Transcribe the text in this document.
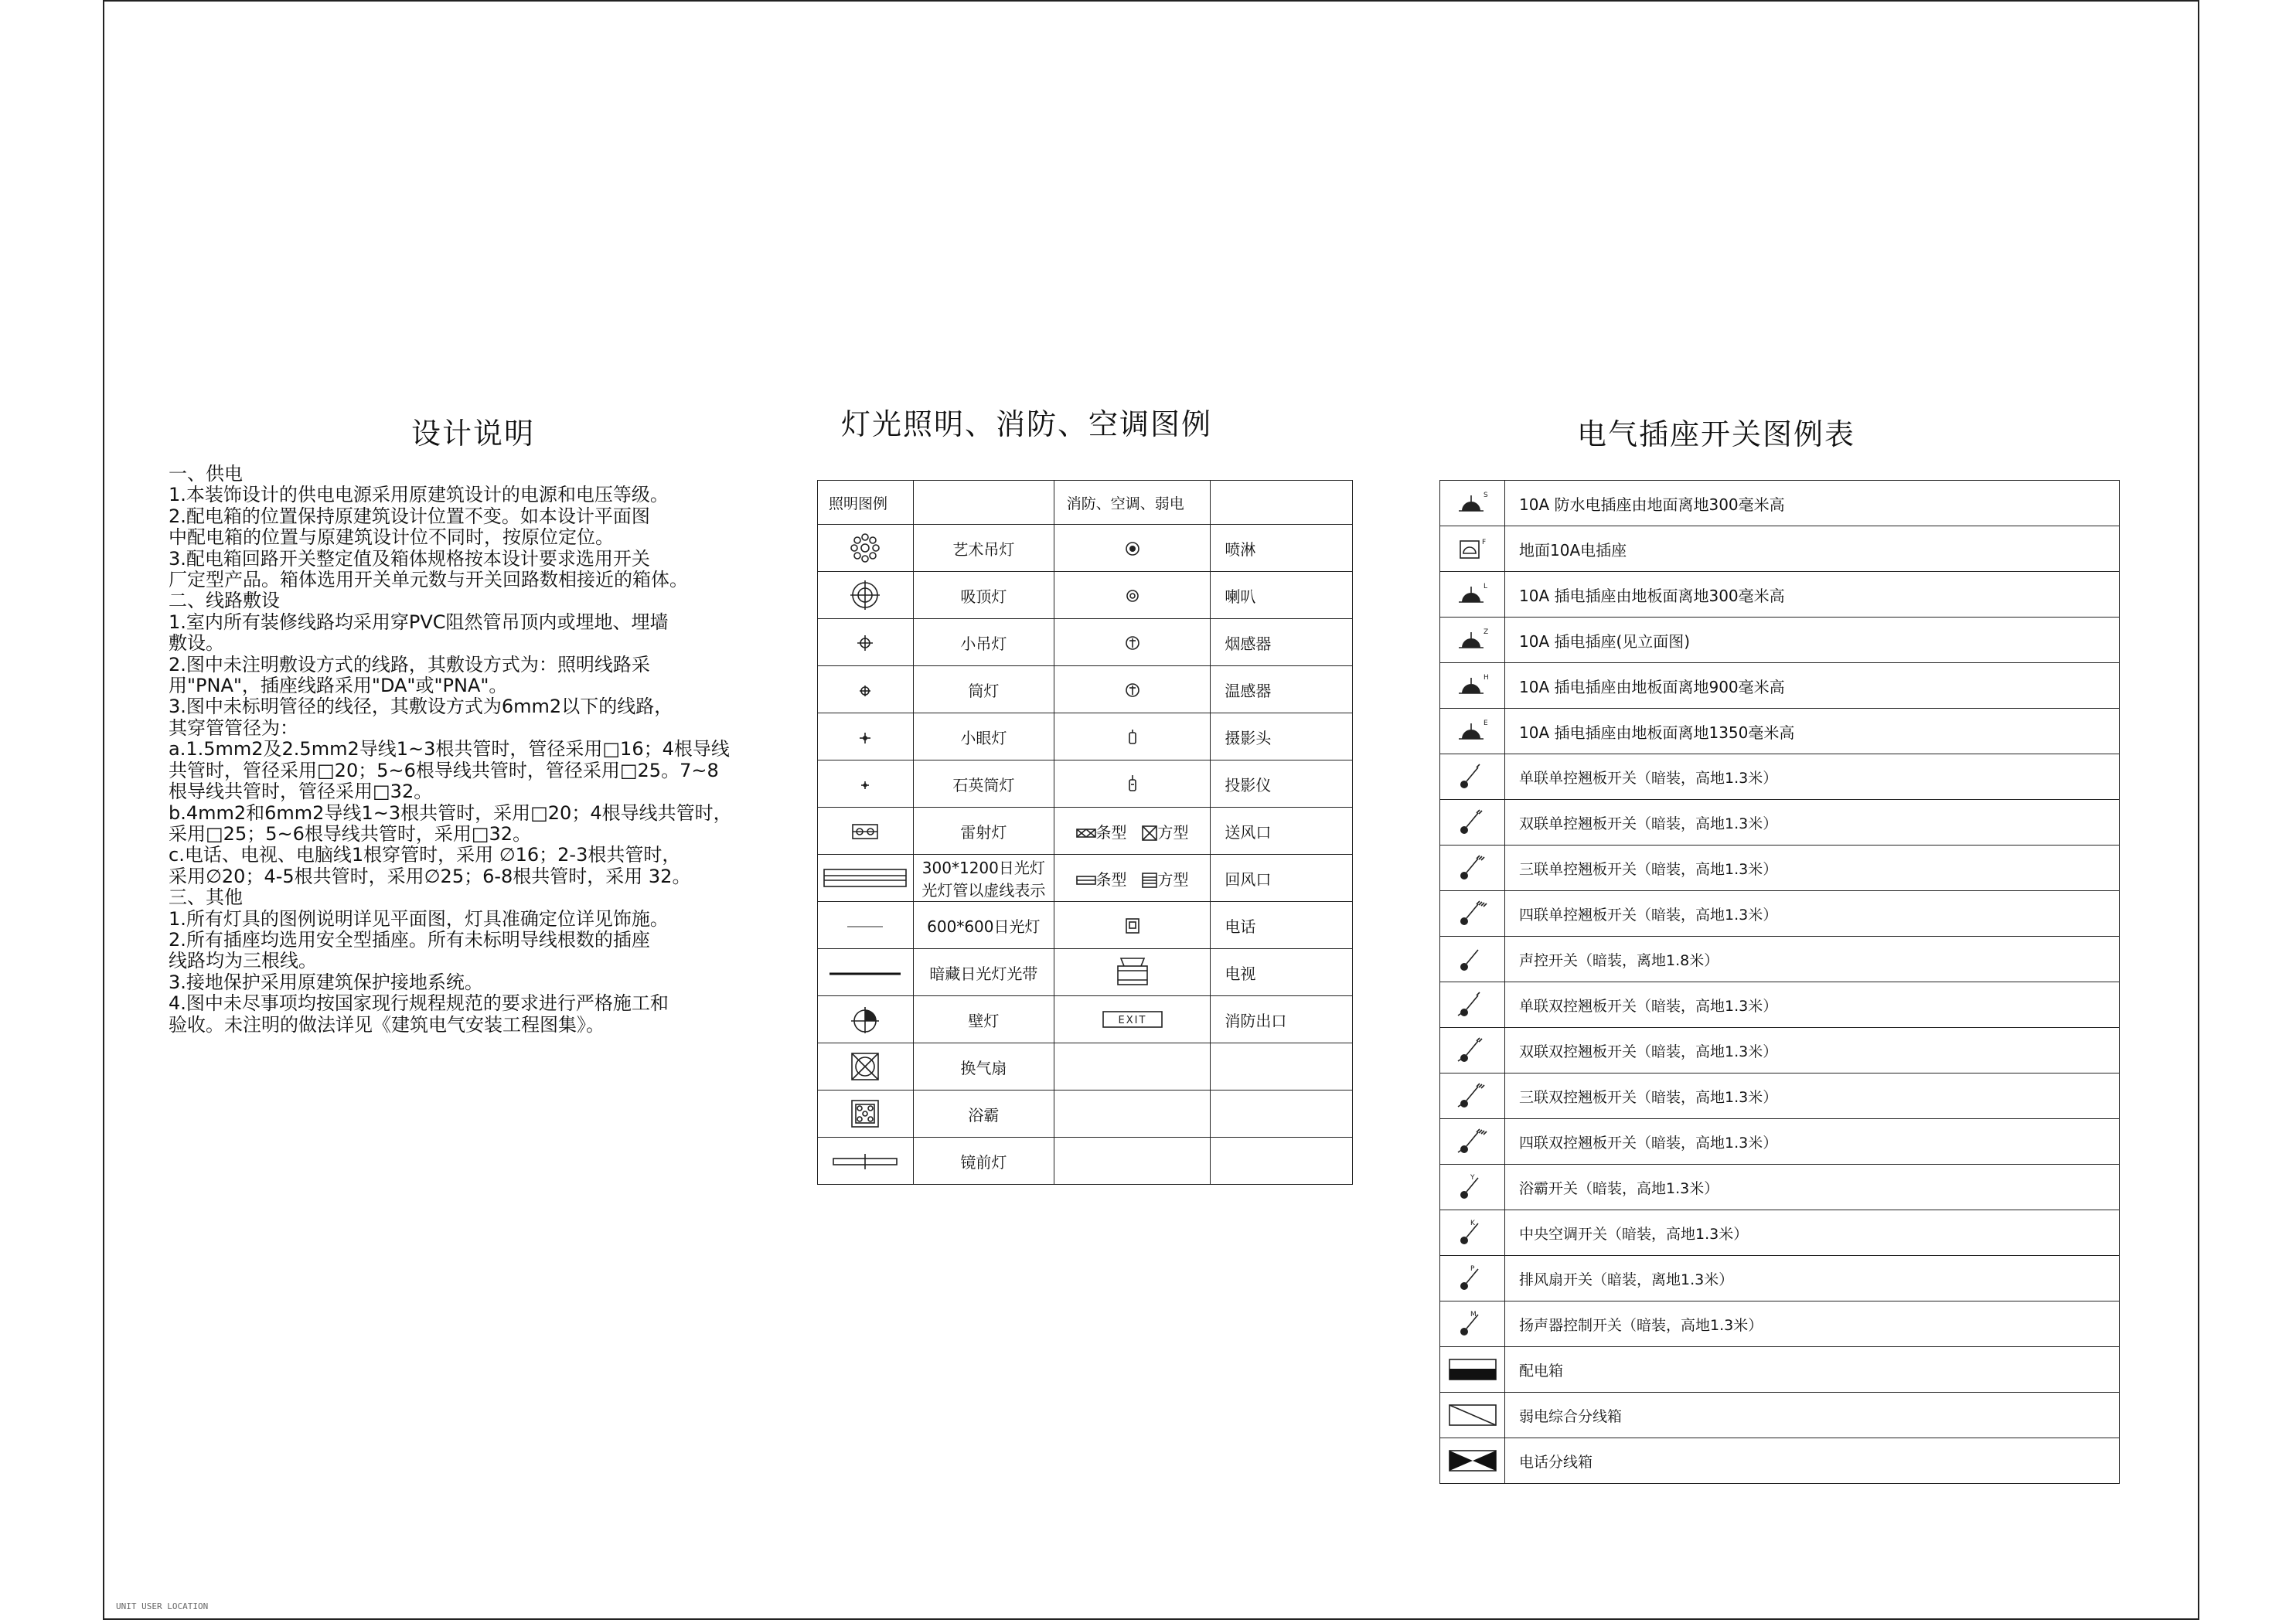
设计说明	灯光照明、消防、空调图例	电气插座开关图例表
一、供电
1.本装饰设计的供电电源采用原建筑设计的电源和电压等级。
2.配电箱的位置保持原建筑设计位置不变。如本设计平面图
中配电箱的位置与原建筑设计位不同时，按原位定位。
3.配电箱回路开关整定值及箱体规格按本设计要求选用开关
厂定型产品。箱体选用开关单元数与开关回路数相接近的箱体。
二、线路敷设
1.室内所有装修线路均采用穿PVC阻然管吊顶内或埋地、埋墙
敷设。
2.图中未注明敷设方式的线路，其敷设方式为：照明线路采
用"PNA"，插座线路采用"DA"或"PNA"。
3.图中未标明管径的线径，其敷设方式为6mm2以下的线路，
其穿管管径为：
a.1.5mm2及2.5mm2导线1~3根共管时，管径采用□16；4根导线
共管时，管径采用□20；5~6根导线共管时，管径采用□25。7~8
根导线共管时，管径采用□32。
b.4mm2和6mm2导线1~3根共管时，采用□20；4根导线共管时，
采用□25；5~6根导线共管时，采用□32。
c.电话、电视、电脑线1根穿管时，采用 ∅16；2-3根共管时，
采用∅20；4-5根共管时，采用∅25；6-8根共管时，采用 32。
三、其他
1.所有灯具的图例说明详见平面图，灯具准确定位详见饰施。
2.所有插座均选用安全型插座。所有未标明导线根数的插座
线路均为三根线。
3.接地保护采用原建筑保护接地系统。
4.图中未尽事项均按国家现行规程规范的要求进行严格施工和
验收。未注明的做法详见《建筑电气安装工程图集》。
照明图例		消防、空调、弱电	

艺术吊灯		喷淋

吸顶灯		喇叭

小吊灯		烟感器

筒灯		温感器

小眼灯		摄影头

石英筒灯		投影仪

雷射灯	条型 方型	送风口

300*1200日光灯
光灯管以虚线表示	条型 方型	回风口

600*600日光灯		电话

暗藏日光灯光带		电视

壁灯	EXIT	消防出口

换气扇		

浴霸		

镜前灯		

S	10A 防水电插座由地面离地300毫米高

F	地面10A电插座

L	10A 插电插座由地板面离地300毫米高

Z	10A 插电插座(见立面图)

H	10A 插电插座由地板面离地900毫米高

E	10A 插电插座由地板面离地1350毫米高
	单联单控翘板开关（暗装，高地1.3米）
	双联单控翘板开关（暗装，高地1.3米）
	三联单控翘板开关（暗装，高地1.3米）
	四联单控翘板开关（暗装，高地1.3米）
	声控开关（暗装，离地1.8米）
	单联双控翘板开关（暗装，高地1.3米）
	双联双控翘板开关（暗装，高地1.3米）
	三联双控翘板开关（暗装，高地1.3米）
	四联双控翘板开关（暗装，高地1.3米）

Y	浴霸开关（暗装，高地1.3米）

K	中央空调开关（暗装，高地1.3米）

P	排风扇开关（暗装，离地1.3米）

M	扬声器控制开关（暗装，高地1.3米）
	配电箱
	弱电综合分线箱
	电话分线箱
UNIT USER LOCATION
